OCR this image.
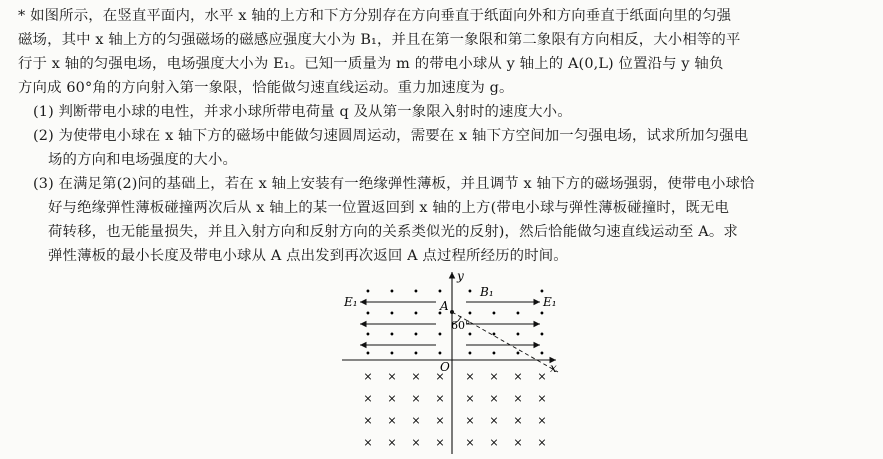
* 如图所示，在竖直平面内，水平 x 轴的上方和下方分别存在方向垂直于纸面向外和方向垂直于纸面向里的匀强
磁场，其中 x 轴上方的匀强磁场的磁感应强度大小为 B₁，并且在第一象限和第二象限有方向相反，大小相等的平
行于 x 轴的匀强电场，电场强度大小为 E₁。已知一质量为 m 的带电小球从 y 轴上的 A(0,L) 位置沿与 y 轴负
方向成 60°角的方向射入第一象限，恰能做匀速直线运动。重力加速度为 g。
(1) 判断带电小球的电性，并求小球所带电荷量 q 及从第一象限入射时的速度大小。
(2) 为使带电小球在 x 轴下方的磁场中能做匀速圆周运动，需要在 x 轴下方空间加一匀强电场，试求所加匀强电
场的方向和电场强度的大小。
(3) 在满足第(2)问的基础上，若在 x 轴上安装有一绝缘弹性薄板，并且调节 x 轴下方的磁场强弱，使带电小球恰
好与绝缘弹性薄板碰撞两次后从 x 轴上的某一位置返回到 x 轴的上方(带电小球与弹性薄板碰撞时，既无电
荷转移，也无能量损失，并且入射方向和反射方向的关系类似光的反射)，然后恰能做匀速直线运动至 A。求
弹性薄板的最小长度及带电小球从 A 点出发到再次返回 A 点过程所经历的时间。
• • • • •	•
• • • • • • • •
• • • • • • • •
• • • • • • • •
× × × × × × × ×
× × × × × × × ×
× × × × × × × ×
× × × × × × × ×
y
x
O
A
B₁
E₁	E₁
60°
